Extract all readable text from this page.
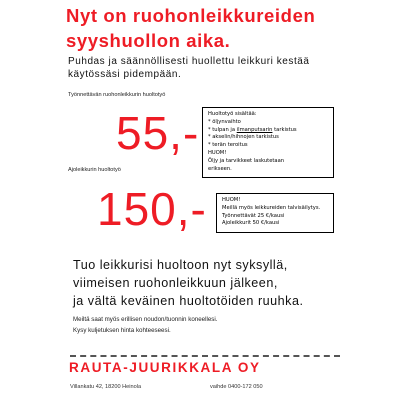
Nyt on ruohonleikkureiden
syyshuollon aika.
Puhdas ja säännöllisesti huollettu leikkuri kestää
käytössäsi pidempään.
Työnnettävän ruohonleikkurin huoltotyö
55,- Huoltotyö sisältää:
* öljynvaihto
* tulpan ja ilmanputsarin tarkistus
* akselin/hihnojen tarkistus
* terän teroitus
HUOM!
Öljy ja tarvikkeet laskutetaan
erikseen.
Ajoleikkurin huoltotyö
150,-	HUOM!
Meillä myös leikkureiden talvisäilytys.
Työnnettävät 25 €/kausi
Ajoleikkurit 50 €/kausi
Tuo leikkurisi huoltoon nyt syksyllä,
viimeisen ruohonleikkuun jälkeen,
ja vältä keväinen huoltotöiden ruuhka.
Meiltä saat myös erillisen noudon/tuonnin koneellesi.
Kysy kuljetuksen hinta kohteeseesi.
RAUTA-JUURIKKALA OY
Villankatu 42, 18200 Heinola	vaihde 0400-172 050
